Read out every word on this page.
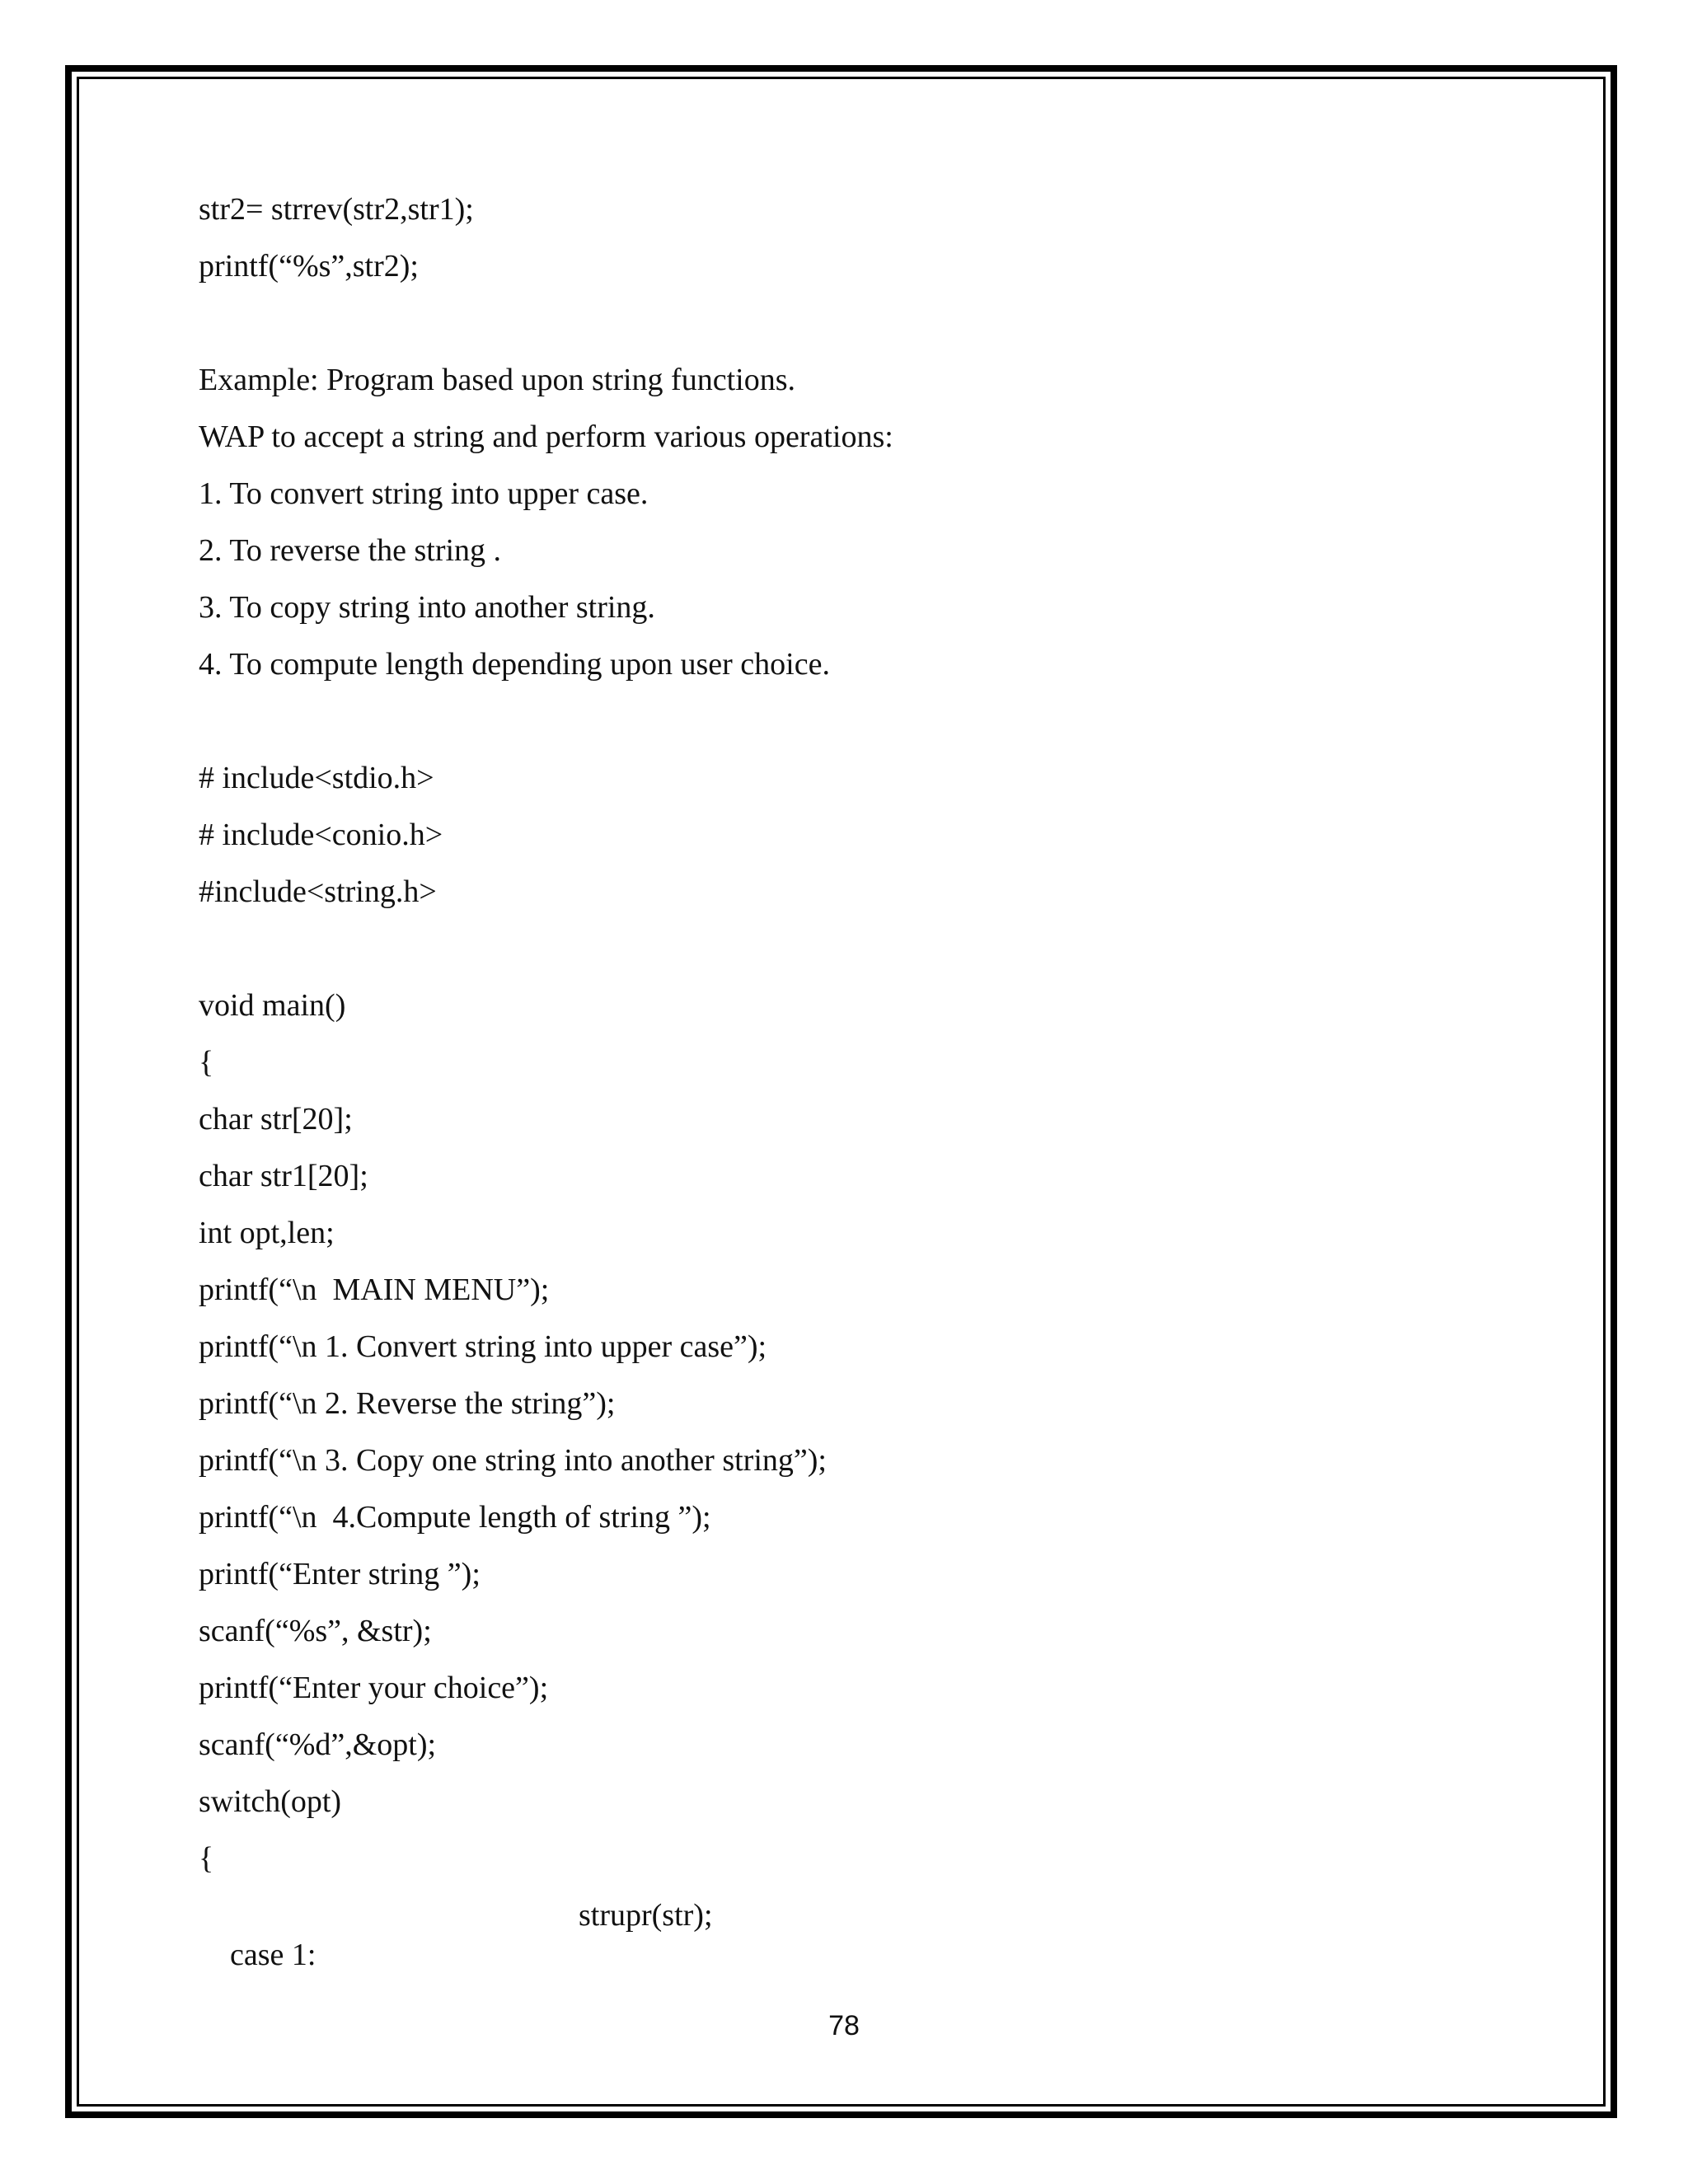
str2= strrev(str2,str1);
printf(“%s”,str2);
Example: Program based upon string functions.
WAP to accept a string and perform various operations:
1. To convert string into upper case.
2. To reverse the string .
3. To copy string into another string.
4. To compute length depending upon user choice.
# include<stdio.h>
# include<conio.h>
#include<string.h>
void main()
{
char str[20];
char str1[20];
int opt,len;
printf(“\n  MAIN MENU”);
printf(“\n 1. Convert string into upper case”);
printf(“\n 2. Reverse the string”);
printf(“\n 3. Copy one string into another string”);
printf(“\n  4.Compute length of string ”);
printf(“Enter string ”);
scanf(“%s”, &str);
printf(“Enter your choice”);
scanf(“%d”,&opt);
switch(opt)
{

case 1:

strupr(str);

78
